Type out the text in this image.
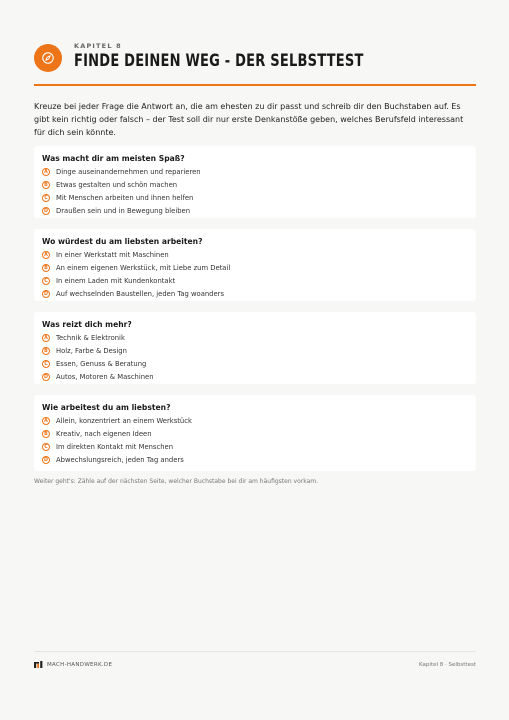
KAPITEL 8
FINDE DEINEN WEG - DER SELBSTTEST
Kreuze bei jeder Frage die Antwort an, die am ehesten zu dir passt und schreib dir den Buchstaben auf. Es gibt kein richtig oder falsch – der Test soll dir nur erste Denkanstöße geben, welches Berufsfeld interessant für dich sein könnte.
Was macht dir am meisten Spaß?
A	Dinge auseinandernehmen und reparieren
B	Etwas gestalten und schön machen
C	Mit Menschen arbeiten und ihnen helfen
D Draußen sein und in Bewegung bleiben
Wo würdest du am liebsten arbeiten?
A	In einer Werkstatt mit Maschinen
B	An einem eigenen Werkstück, mit Liebe zum Detail
C	In einem Laden mit Kundenkontakt
D Auf wechselnden Baustellen, jeden Tag woanders
Was reizt dich mehr?
A	Technik & Elektronik
B	Holz, Farbe & Design
C	Essen, Genuss & Beratung
D Autos, Motoren & Maschinen
Wie arbeitest du am liebsten?
A	Allein, konzentriert an einem Werkstück
B	Kreativ, nach eigenen Ideen
C	Im direkten Kontakt mit Menschen
D Abwechslungsreich, jeden Tag anders
Weiter geht's: Zähle auf der nächsten Seite, welcher Buchstabe bei dir am häufigsten vorkam.
MACH-HANDWERK.DE	Kapitel 8 · Selbsttest
